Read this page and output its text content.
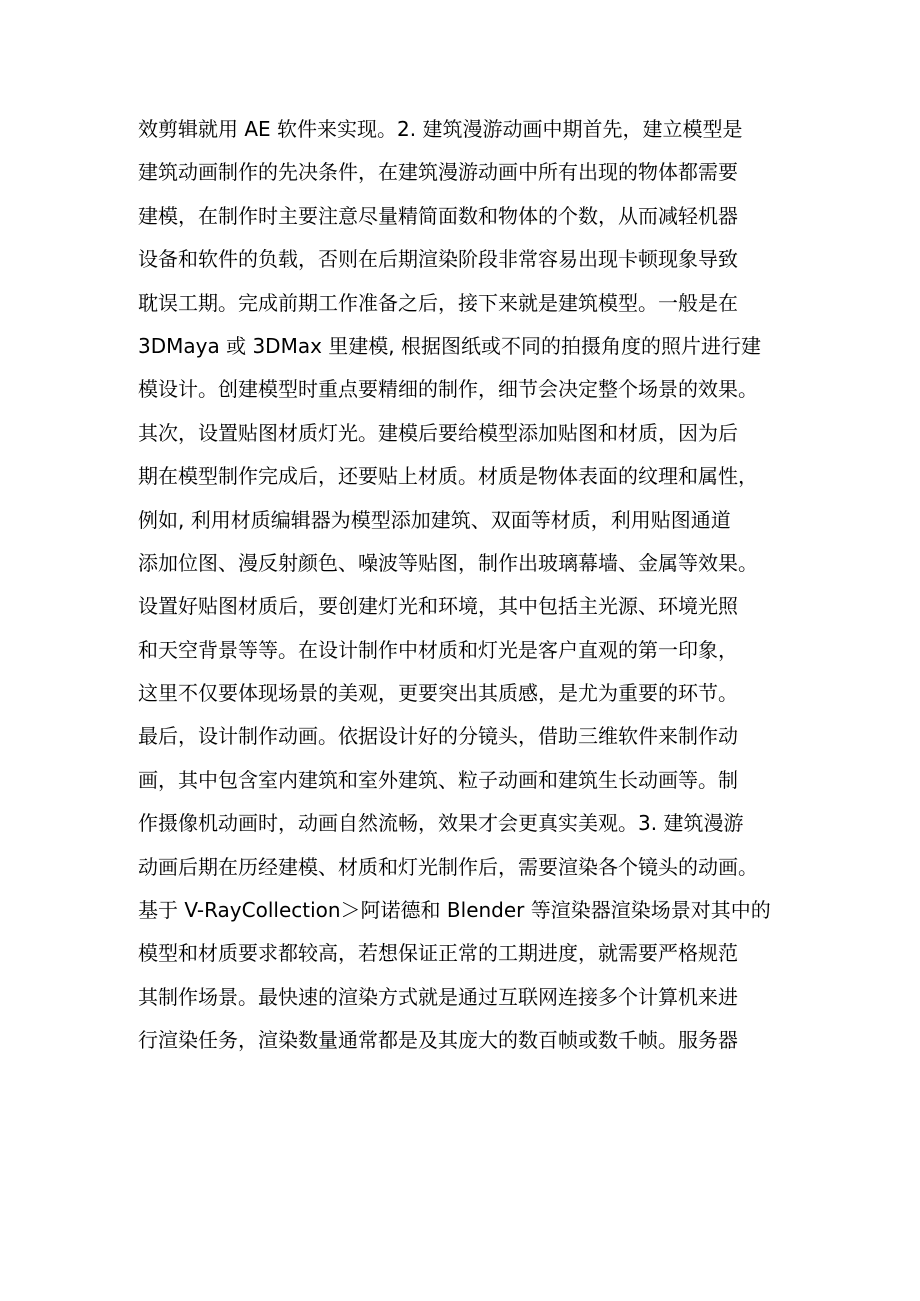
效剪辑就用 AE 软件来实现。2. 建筑漫游动画中期首先，建立模型是
建筑动画制作的先决条件，在建筑漫游动画中所有出现的物体都需要
建模，在制作时主要注意尽量精简面数和物体的个数，从而减轻机器
设备和软件的负载，否则在后期渲染阶段非常容易出现卡顿现象导致
耽误工期。完成前期工作准备之后，接下来就是建筑模型。一般是在
3DMaya 或 3DMax 里建模, 根据图纸或不同的拍摄角度的照片进行建
模设计。创建模型时重点要精细的制作，细节会决定整个场景的效果。
其次，设置贴图材质灯光。建模后要给模型添加贴图和材质，因为后
期在模型制作完成后，还要贴上材质。材质是物体表面的纹理和属性，
例如, 利用材质编辑器为模型添加建筑、双面等材质，利用贴图通道
添加位图、漫反射颜色、噪波等贴图，制作出玻璃幕墙、金属等效果。
设置好贴图材质后，要创建灯光和环境，其中包括主光源、环境光照
和天空背景等等。在设计制作中材质和灯光是客户直观的第一印象，
这里不仅要体现场景的美观，更要突出其质感，是尤为重要的环节。
最后，设计制作动画。依据设计好的分镜头，借助三维软件来制作动
画，其中包含室内建筑和室外建筑、粒子动画和建筑生长动画等。制
作摄像机动画时，动画自然流畅，效果才会更真实美观。3. 建筑漫游
动画后期在历经建模、材质和灯光制作后，需要渲染各个镜头的动画。
基于 V-RayCollection＞阿诺德和 Blender 等渲染器渲染场景对其中的
模型和材质要求都较高，若想保证正常的工期进度，就需要严格规范
其制作场景。最快速的渲染方式就是通过互联网连接多个计算机来进
行渲染任务，渲染数量通常都是及其庞大的数百帧或数千帧。服务器
